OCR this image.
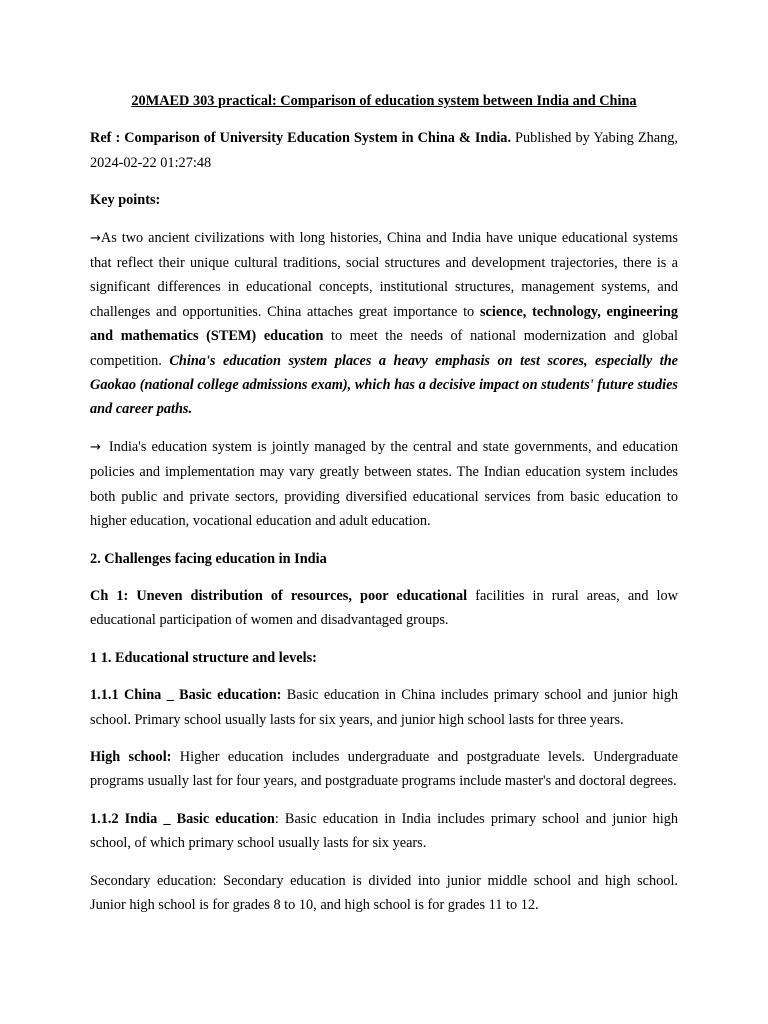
20MAED 303 practical: Comparison of education system between India and China

Ref : Comparison of University Education System in China & India. Published by Yabing Zhang, 2024-02-22 01:27:48

Key points:

→As two ancient civilizations with long histories, China and India have unique educational systems that reflect their unique cultural traditions, social structures and development trajectories, there is a significant differences in educational concepts, institutional structures, management systems, and challenges and opportunities. China attaches great importance to science, technology, engineering and mathematics (STEM) education to meet the needs of national modernization and global competition. China's education system places a heavy emphasis on test scores, especially the Gaokao (national college admissions exam), which has a decisive impact on students' future studies and career paths.

→ India's education system is jointly managed by the central and state governments, and education policies and implementation may vary greatly between states. The Indian education system includes both public and private sectors, providing diversified educational services from basic education to higher education, vocational education and adult education.

2. Challenges facing education in India

Ch 1: Uneven distribution of resources, poor educational facilities in rural areas, and low educational participation of women and disadvantaged groups.

1 1. Educational structure and levels:

1.1.1 China _ Basic education: Basic education in China includes primary school and junior high school. Primary school usually lasts for six years, and junior high school lasts for three years.

High school: Higher education includes undergraduate and postgraduate levels. Undergraduate programs usually last for four years, and postgraduate programs include master's and doctoral degrees.

1.1.2 India _ Basic education: Basic education in India includes primary school and junior high school, of which primary school usually lasts for six years.

Secondary education: Secondary education is divided into junior middle school and high school. Junior high school is for grades 8 to 10, and high school is for grades 11 to 12.
